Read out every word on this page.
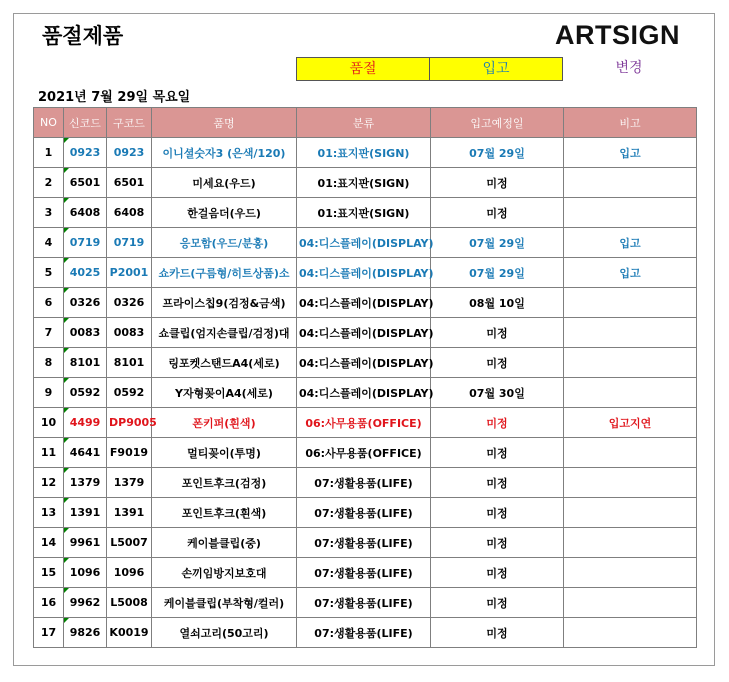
품절제품	ARTSIGN
품절	입고	변경
2021년 7월 29일 목요일
NO	신코드	구코드	품명	분류	입고예정일	비고
1	0923	0923	이니셜숫자3 (은색/120)	01:표지판(SIGN)	07월 29일	입고
2	6501	6501	미세요(우드)	01:표지판(SIGN)	미정	
3	6408	6408	한걸음더(우드)	01:표지판(SIGN)	미정	
4	0719	0719	응모함(우드/분홍)	04:디스플레이(DISPLAY)	07월 29일	입고
5	4025	P2001	쇼카드(구름형/히트상품)소	04:디스플레이(DISPLAY)	07월 29일	입고
6	0326	0326	프라이스칩9(검정&금색)	04:디스플레이(DISPLAY)	08월 10일	
7	0083	0083	쇼클립(엄지손클립/검정)대	04:디스플레이(DISPLAY)	미정	
8	8101	8101	링포켓스탠드A4(세로)	04:디스플레이(DISPLAY)	미정	
9	0592	0592	Y자형꽂이A4(세로)	04:디스플레이(DISPLAY)	07월 30일	
10	4499	DP9005	폰키퍼(흰색)	06:사무용품(OFFICE)	미정	입고지연
11	4641	F9019	멀티꽂이(투명)	06:사무용품(OFFICE)	미정	
12	1379	1379	포인트후크(검정)	07:생활용품(LIFE)	미정	
13	1391	1391	포인트후크(흰색)	07:생활용품(LIFE)	미정	
14	9961	L5007	케이블클립(중)	07:생활용품(LIFE)	미정	
15	1096	1096	손끼임방지보호대	07:생활용품(LIFE)	미정	
16	9962	L5008	케이블클립(부착형/컬러)	07:생활용품(LIFE)	미정	
17	9826	K0019	열쇠고리(50고리)	07:생활용품(LIFE)	미정	
